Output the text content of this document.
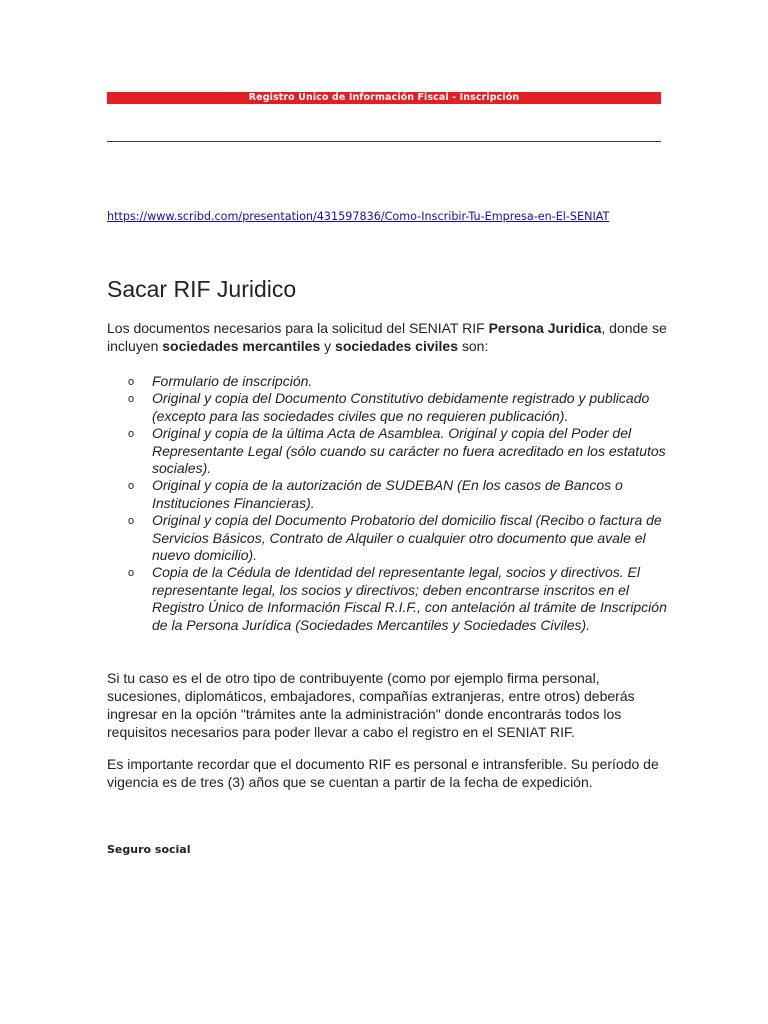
Registro Único de Información Fiscal - Inscripción
https://www.scribd.com/presentation/431597836/Como-Inscribir-Tu-Empresa-en-El-SENIAT
Sacar RIF Juridico

Los documentos necesarios para la solicitud del SENIAT RIF Persona Juridica, donde se incluyen sociedades mercantiles y sociedades civiles son:

o Formulario de inscripción.
o Original y copia del Documento Constitutivo debidamente registrado y publicado (excepto para las sociedades civiles que no requieren publicación).
o Original y copia de la última Acta de Asamblea. Original y copia del Poder del Representante Legal (sólo cuando su carácter no fuera acreditado en los estatutos sociales).
o Original y copia de la autorización de SUDEBAN (En los casos de Bancos o Instituciones Financieras).
o Original y copia del Documento Probatorio del domicilio fiscal (Recibo o factura de Servicios Básicos, Contrato de Alquiler o cualquier otro documento que avale el nuevo domicilio).
o Copia de la Cédula de Identidad del representante legal, socios y directivos. El representante legal, los socios y directivos; deben encontrarse inscritos en el Registro Único de Información Fiscal R.I.F., con antelación al trámite de Inscripción de la Persona Jurídica (Sociedades Mercantiles y Sociedades Civiles).

Si tu caso es el de otro tipo de contribuyente (como por ejemplo firma personal, sucesiones, diplomáticos, embajadores, compañías extranjeras, entre otros) deberás ingresar en la opción "trámites ante la administración" donde encontrarás todos los requisitos necesarios para poder llevar a cabo el registro en el SENIAT RIF.

Es importante recordar que el documento RIF es personal e intransferible. Su período de vigencia es de tres (3) años que se cuentan a partir de la fecha de expedición.

Seguro social
